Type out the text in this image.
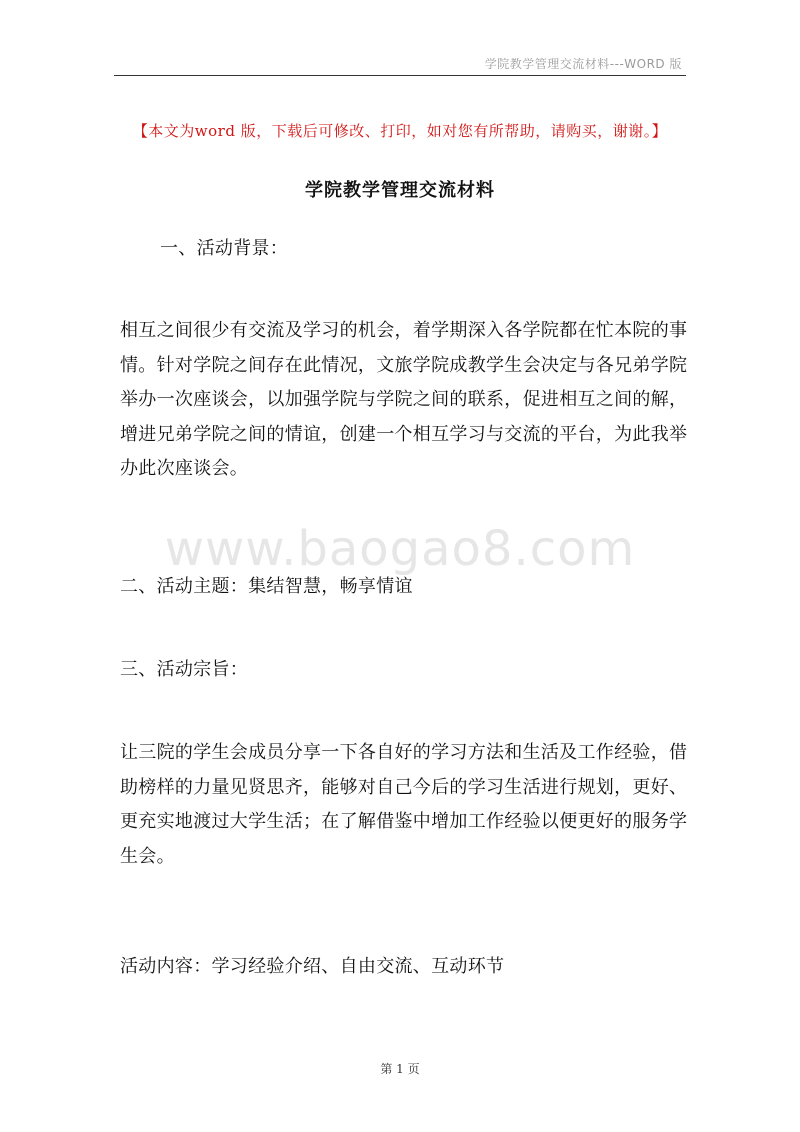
学院教学管理交流材料---WORD 版
【本文为word 版，下载后可修改、打印，如对您有所帮助，请购买，谢谢。】
学院教学管理交流材料
一、活动背景：
相互之间很少有交流及学习的机会，着学期深入各学院都在忙本院的事情。针对学院之间存在此情况，文旅学院成教学生会决定与各兄弟学院举办一次座谈会，以加强学院与学院之间的联系，促进相互之间的解，增进兄弟学院之间的情谊，创建一个相互学习与交流的平台，为此我举办此次座谈会。
www.baogao8.com
二、活动主题：集结智慧，畅享情谊
三、活动宗旨：
让三院的学生会成员分享一下各自好的学习方法和生活及工作经验，借助榜样的力量见贤思齐，能够对自己今后的学习生活进行规划，更好、更充实地渡过大学生活；在了解借鉴中增加工作经验以便更好的服务学生会。
活动内容：学习经验介绍、自由交流、互动环节
第 1 页
